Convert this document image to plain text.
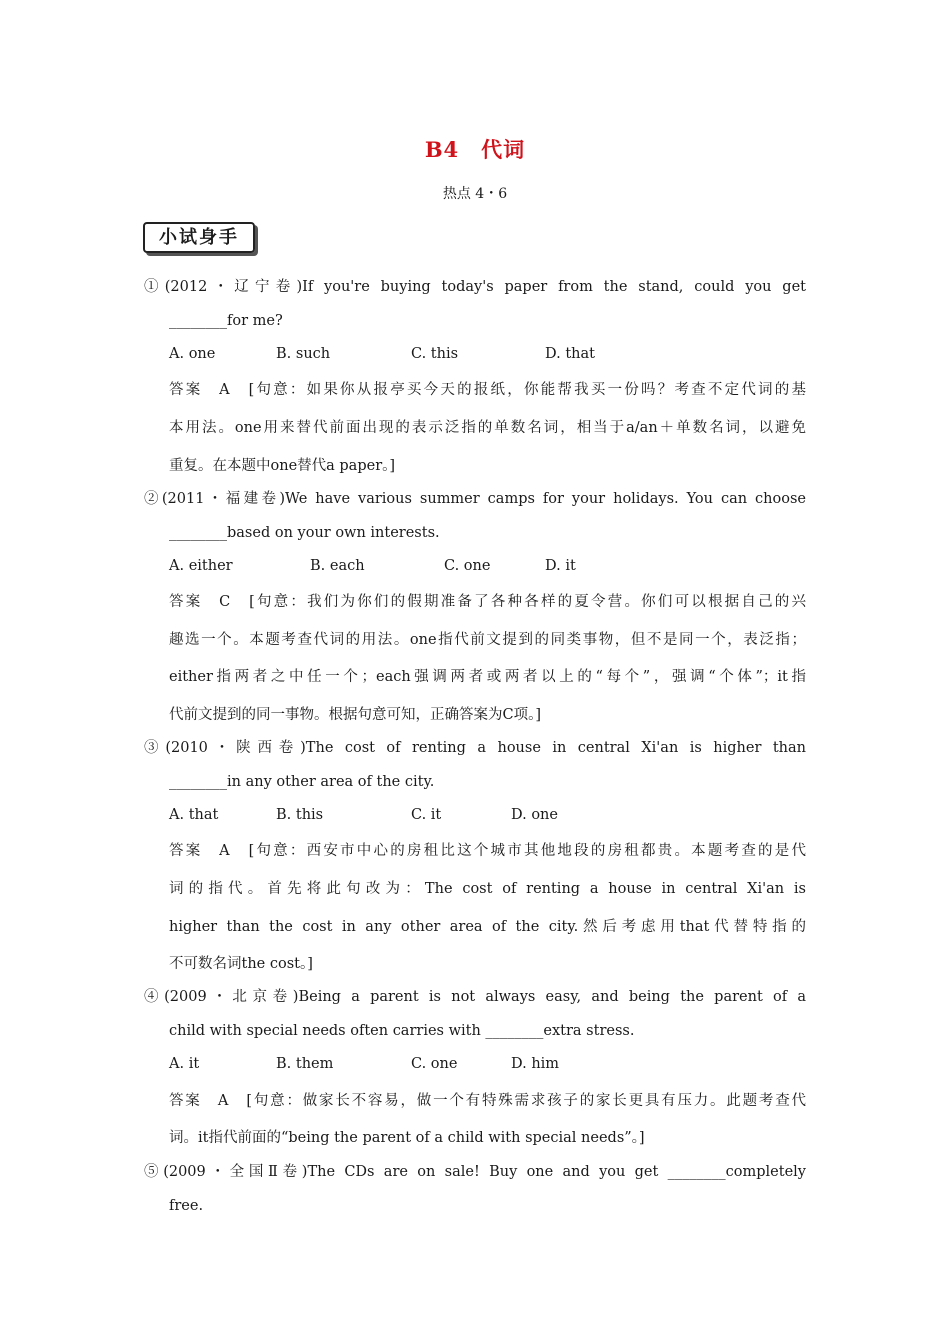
B4　代词
热点 4・6
小试身手
①(2012・辽宁卷)If you're buying today's paper from the stand, could you get
________for me?
A. one	B. such	C. this	D. that
答案　A　[句意：如果你从报亭买今天的报纸，你能帮我买一份吗？考查不定代词的基
本用法。one用来替代前面出现的表示泛指的单数名词，相当于a/an＋单数名词，以避免
重复。在本题中one替代a paper。]
②(2011・福建卷)We have various summer camps for your holidays. You can choose
________based on your own interests.
A. either	B. each	C. one	D. it
答案　C　[句意：我们为你们的假期准备了各种各样的夏令营。你们可以根据自己的兴
趣选一个。本题考查代词的用法。one指代前文提到的同类事物，但不是同一个，表泛指；
either指两者之中任一个；each强调两者或两者以上的“每个”，强调“个体”；it指
代前文提到的同一事物。根据句意可知，正确答案为C项。]
③(2010・陕西卷)The cost of renting a house in central Xi'an is higher than
________in any other area of the city.
A. that	B. this	C. it	D. one
答案　A　[句意：西安市中心的房租比这个城市其他地段的房租都贵。本题考查的是代
词的指代。首先将此句改为：The cost of renting a house in central Xi'an is
higher than the cost in any other area of the city.然后考虑用that代替特指的
不可数名词the cost。]
④(2009・北京卷)Being a parent is not always easy, and being the parent of a
child with special needs often carries with ________extra stress.
A. it	B. them	C. one	D. him
答案　A　[句意：做家长不容易，做一个有特殊需求孩子的家长更具有压力。此题考查代
词。it指代前面的“being the parent of a child with special needs”。]
⑤(2009・全国Ⅱ卷)The CDs are on sale! Buy one and you get ________completely
free.
